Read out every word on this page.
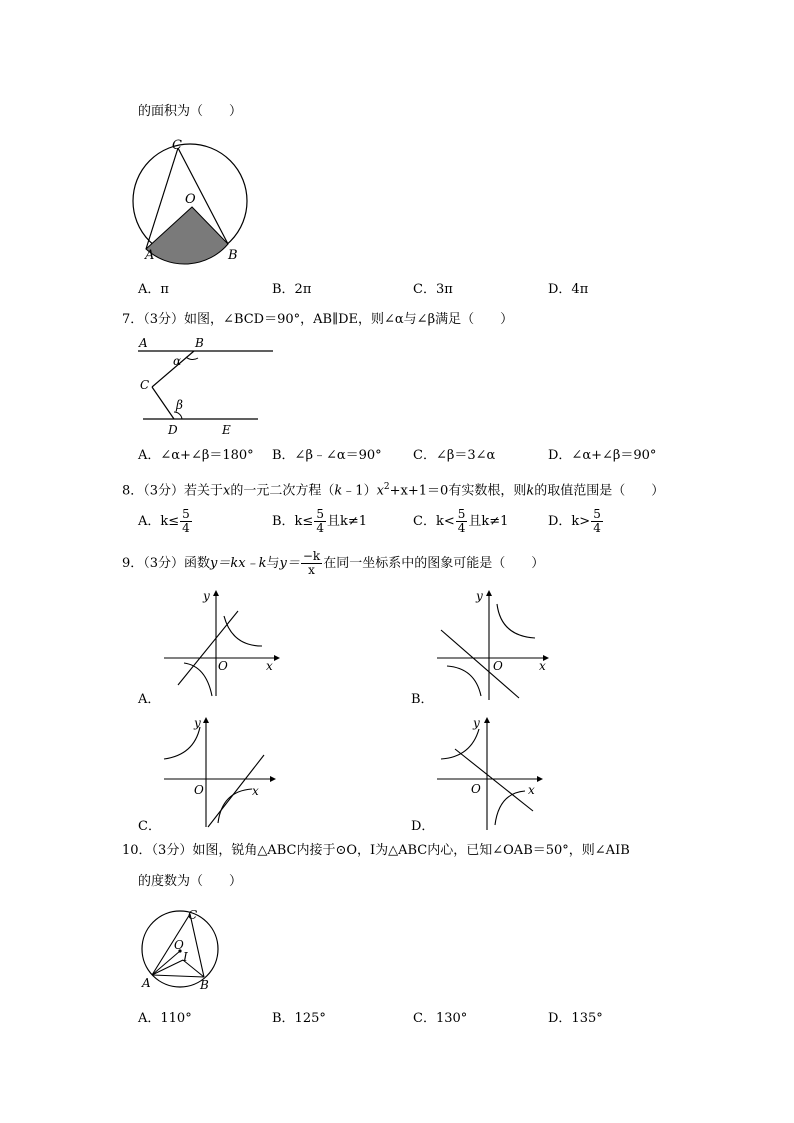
的面积为（　　）
C
O
A	B
A．π	B．2π	C．3π	D．4π
7．（3分）如图，∠BCD＝90°，AB∥DE，则∠α与∠β满足（　　）
A	B
α
C
β
D	E
A．∠α+∠β＝180° B．∠β﹣∠α＝90° C．∠β＝3∠α	D．∠α+∠β＝90°
8．（3分）若关于x的一元二次方程$(k﹣1)x^2+x+1=0$有实数根，则k的取值范围是（　　）
A．$k\le \frac{5}{4}$	B．$k\le \frac{5}{4}$ 且k≠1	C．$k< \frac{5}{4}$ 且k≠1	D．$k> \frac{5}{4}$
9．（3分）函数y＝kx﹣k与$y= \frac{-k}{x}$ 在同一坐标系中的图象可能是（　　）
y
x
O
A．
y
x
O
B．
y
x
O
C．
y
x
O
D．
10．（3分）如图，锐角△ABC内接于⊙O，I为△ABC内心，已知∠OAB＝50°，则∠AIB
的度数为（　　）
C
O
I
A	B
A．110°	B．125°	C．130°	D．135°
